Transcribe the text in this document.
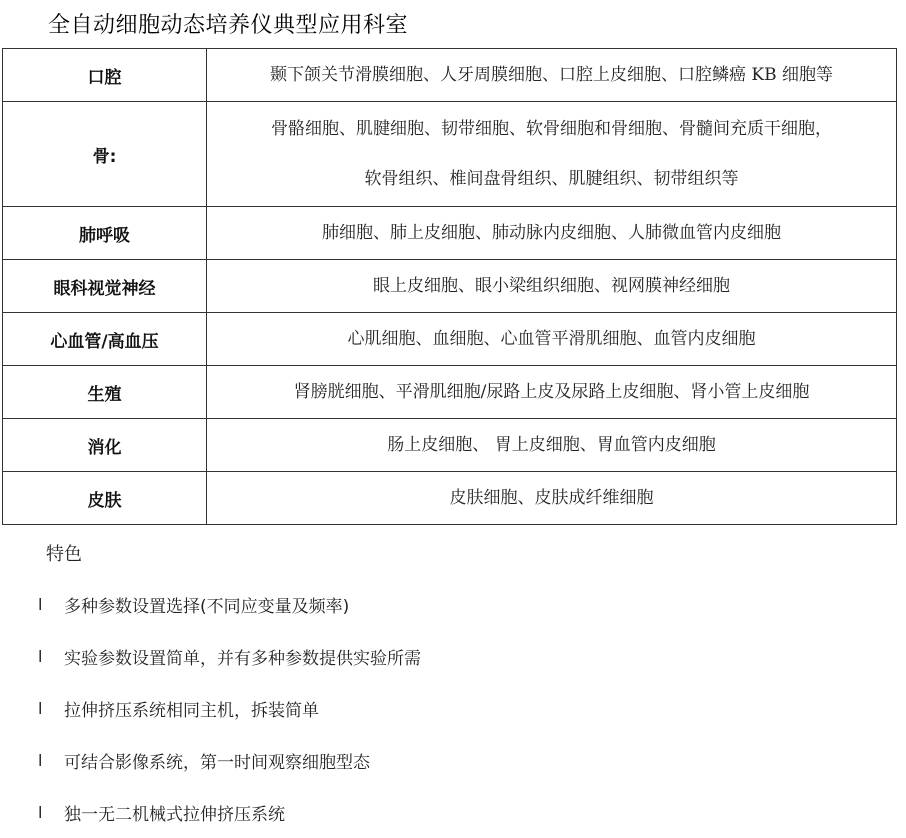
全自动细胞动态培养仪典型应用科室
口腔	颞下颌关节滑膜细胞、人牙周膜细胞、口腔上皮细胞、口腔鳞癌 KB 细胞等

骨:	骨骼细胞、肌腱细胞、韧带细胞、软骨细胞和骨细胞、骨髓间充质干细胞，
软骨组织、椎间盘骨组织、肌腱组织、韧带组织等

肺呼吸	肺细胞、肺上皮细胞、肺动脉内皮细胞、人肺微血管内皮细胞

眼科视觉神经	眼上皮细胞、眼小梁组织细胞、视网膜神经细胞

心血管/高血压	心肌细胞、血细胞、心血管平滑肌细胞、血管内皮细胞

生殖	肾膀胱细胞、平滑肌细胞/尿路上皮及尿路上皮细胞、肾小管上皮细胞

消化	肠上皮细胞、 胃上皮细胞、胃血管内皮细胞

皮肤	皮肤细胞、皮肤成纤维细胞
特色
l	多种参数设置选择(不同应变量及频率)
l	实验参数设置简单，并有多种参数提供实验所需
l	拉伸挤压系统相同主机，拆装简单
l	可结合影像系统，第一时间观察细胞型态
l	独一无二机械式拉伸挤压系统
